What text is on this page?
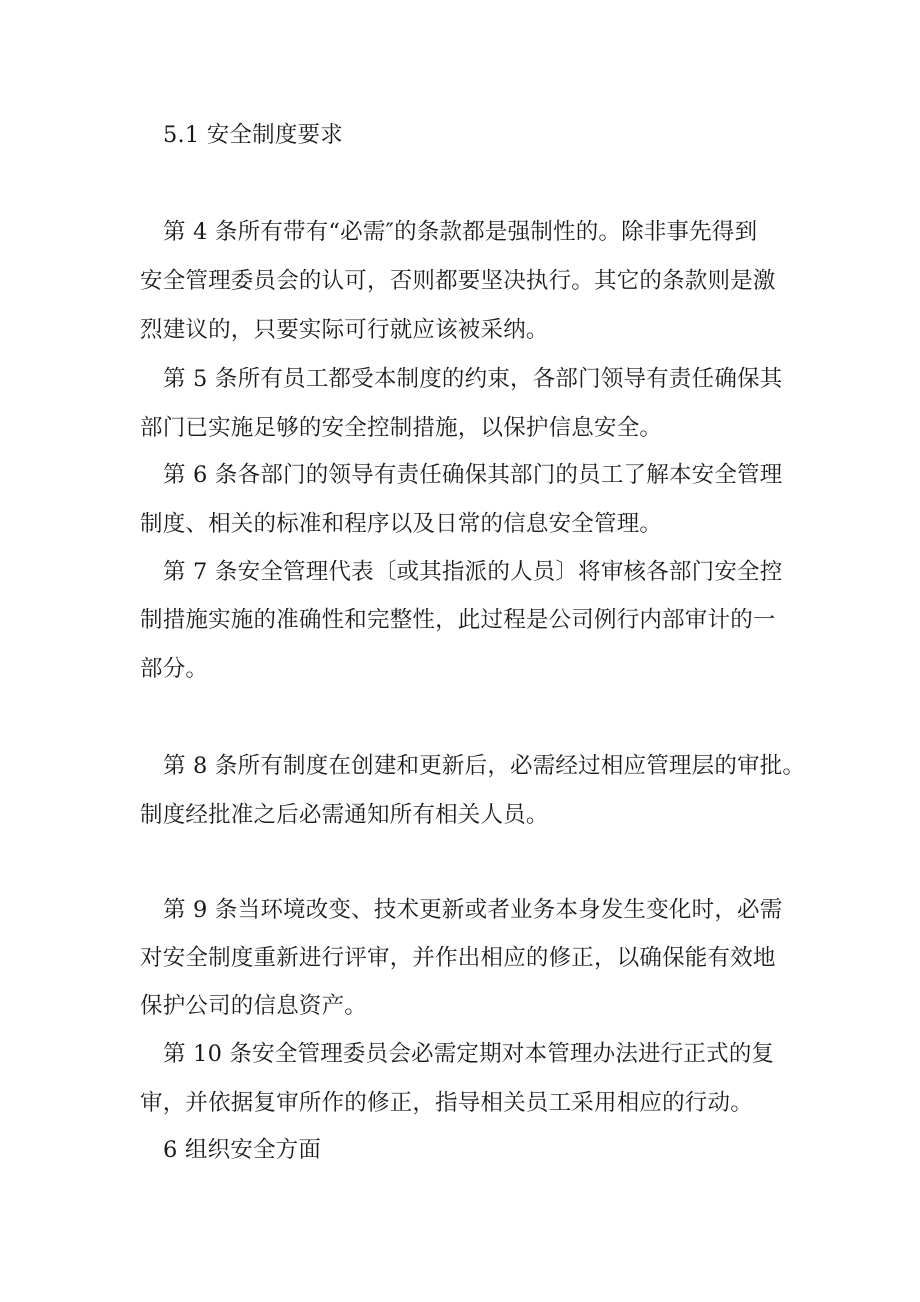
5.1 安全制度要求
第 4 条所有带有“必需″的条款都是强制性的。除非事先得到
安全管理委员会的认可，否则都要坚决执行。其它的条款则是激
烈建议的，只要实际可行就应该被采纳。
第 5 条所有员工都受本制度的约束，各部门领导有责任确保其
部门已实施足够的安全控制措施，以保护信息安全。
第 6 条各部门的领导有责任确保其部门的员工了解本安全管理
制度、相关的标准和程序以及日常的信息安全管理。
第 7 条安全管理代表〔或其指派的人员〕将审核各部门安全控
制措施实施的准确性和完整性，此过程是公司例行内部审计的一
部分。
第 8 条所有制度在创建和更新后，必需经过相应管理层的审批。
制度经批准之后必需通知所有相关人员。
第 9 条当环境改变、技术更新或者业务本身发生变化时，必需
对安全制度重新进行评审，并作出相应的修正，以确保能有效地
保护公司的信息资产。
第 10 条安全管理委员会必需定期对本管理办法进行正式的复
审，并依据复审所作的修正，指导相关员工采用相应的行动。
6 组织安全方面
